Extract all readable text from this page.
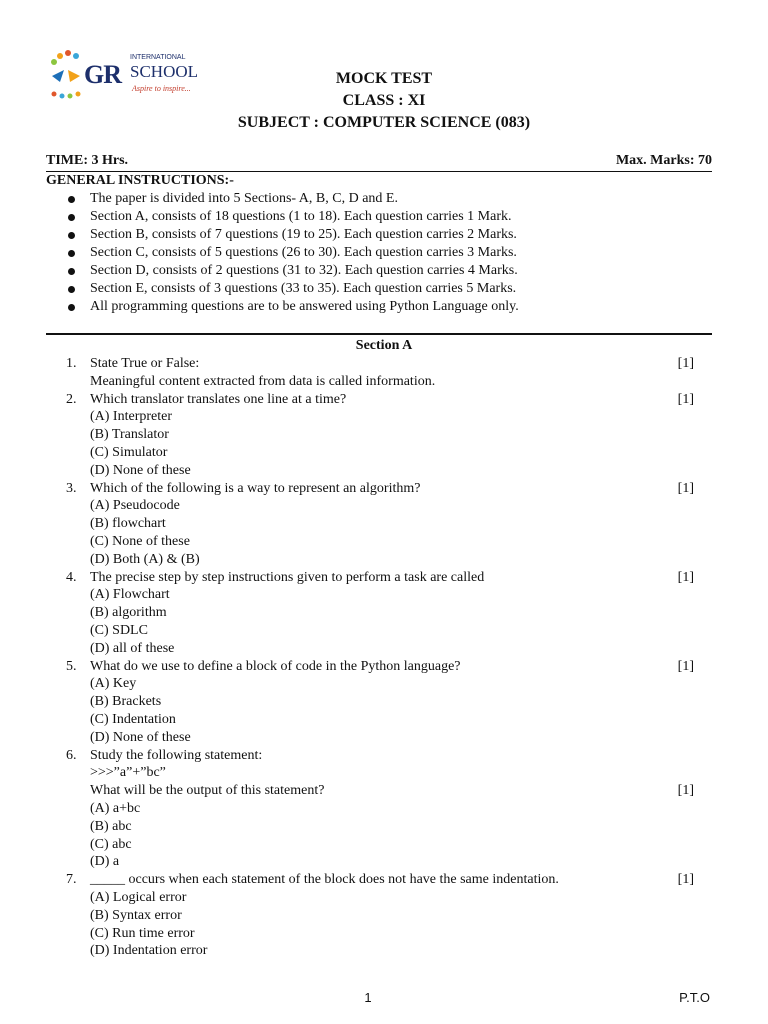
GR
INTERNATIONAL
SCHOOL
Aspire to inspire...
MOCK TEST
CLASS : XI
SUBJECT : COMPUTER SCIENCE (083)
TIME: 3 Hrs.	Max. Marks: 70
GENERAL INSTRUCTIONS:-
The paper is divided into 5 Sections- A, B, C, D and E.
Section A, consists of 18 questions (1 to 18). Each question carries 1 Mark.
Section B, consists of 7 questions (19 to 25). Each question carries 2 Marks.
Section C, consists of 5 questions (26 to 30). Each question carries 3 Marks.
Section D, consists of 2 questions (31 to 32). Each question carries 4 Marks.
Section E, consists of 3 questions (33 to 35). Each question carries 5 Marks.
All programming questions are to be answered using Python Language only.
Section A
1. State True or False:	[1]
Meaningful content extracted from data is called information.
2. Which translator translates one line at a time?	[1]
(A) Interpreter
(B) Translator
(C) Simulator
(D) None of these
3. Which of the following is a way to represent an algorithm?	[1]
(A) Pseudocode
(B) flowchart
(C) None of these
(D) Both (A) & (B)
4. The precise step by step instructions given to perform a task are called	[1]
(A) Flowchart
(B) algorithm
(C) SDLC
(D) all of these
5. What do we use to define a block of code in the Python language?	[1]
(A) Key
(B) Brackets
(C) Indentation
(D) None of these
6. Study the following statement:
>>>”a”+”bc”
What will be the output of this statement?	[1]
(A) a+bc
(B) abc
(C) abc
(D) a
7. _____ occurs when each statement of the block does not have the same indentation.	[1]
(A) Logical error
(B) Syntax error
(C) Run time error
(D) Indentation error
1	P.T.O
